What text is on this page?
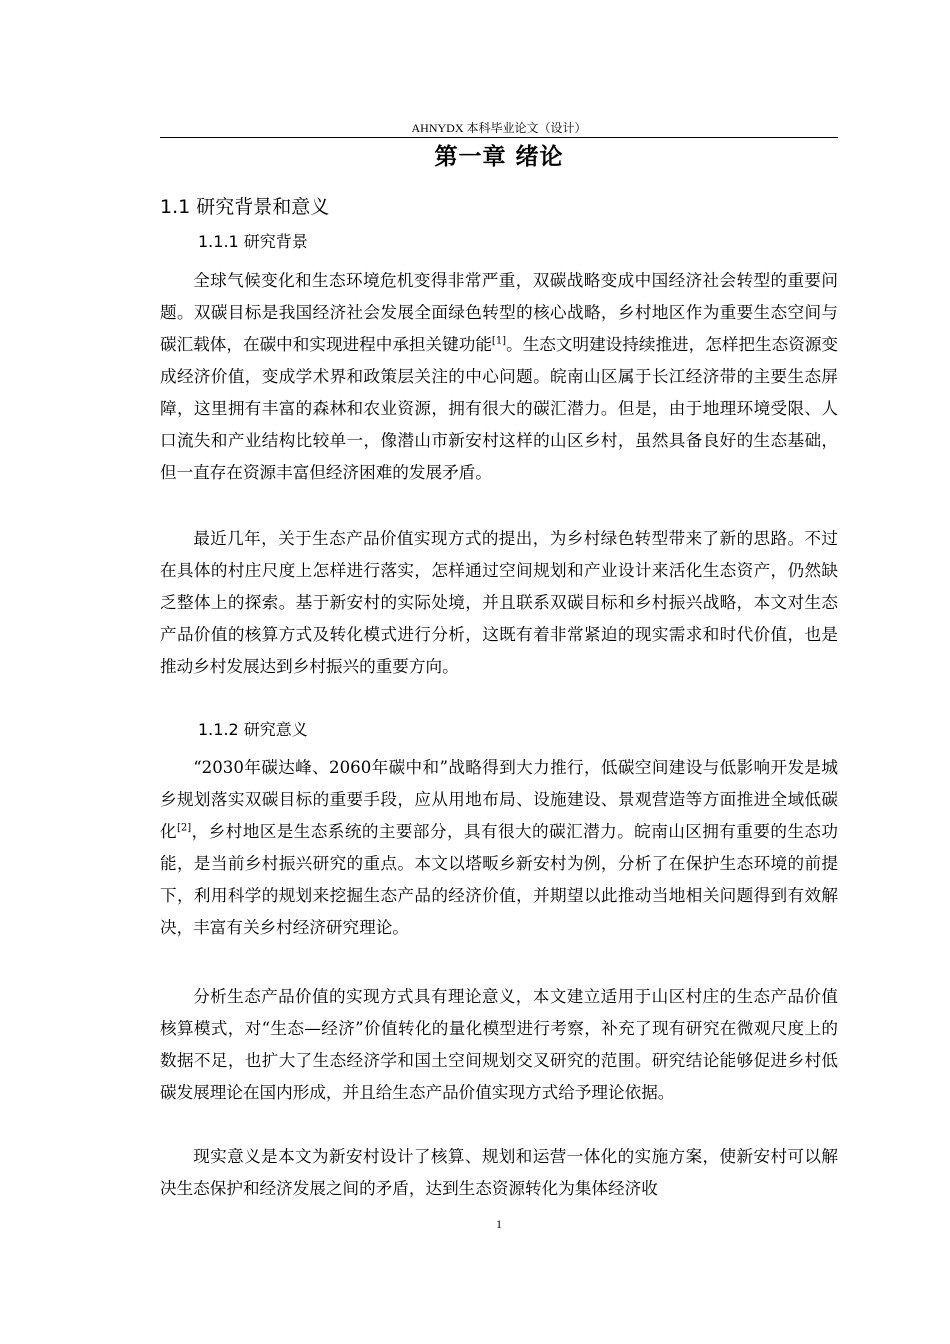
AHNYDX 本科毕业论文（设计）
第一章 绪论
1.1 研究背景和意义
1.1.1 研究背景

全球气候变化和生态环境危机变得非常严重，双碳战略变成中国经济社会转型的重要问题。双碳目标是我国经济社会发展全面绿色转型的核心战略，乡村地区作为重要生态空间与碳汇载体，在碳中和实现进程中承担关键功能[1]。生态文明建设持续推进，怎样把生态资源变成经济价值，变成学术界和政策层关注的中心问题。皖南山区属于长江经济带的主要生态屏障，这里拥有丰富的森林和农业资源，拥有很大的碳汇潜力。但是，由于地理环境受限、人口流失和产业结构比较单一，像潜山市新安村这样的山区乡村，虽然具备良好的生态基础，但一直存在资源丰富但经济困难的发展矛盾。

最近几年，关于生态产品价值实现方式的提出，为乡村绿色转型带来了新的思路。不过在具体的村庄尺度上怎样进行落实，怎样通过空间规划和产业设计来活化生态资产，仍然缺乏整体上的探索。基于新安村的实际处境，并且联系双碳目标和乡村振兴战略，本文对生态产品价值的核算方式及转化模式进行分析，这既有着非常紧迫的现实需求和时代价值，也是推动乡村发展达到乡村振兴的重要方向。

1.1.2 研究意义

“2030年碳达峰、2060年碳中和”战略得到大力推行，低碳空间建设与低影响开发是城乡规划落实双碳目标的重要手段，应从用地布局、设施建设、景观营造等方面推进全域低碳化[2]，乡村地区是生态系统的主要部分，具有很大的碳汇潜力。皖南山区拥有重要的生态功能，是当前乡村振兴研究的重点。本文以塔畈乡新安村为例，分析了在保护生态环境的前提下，利用科学的规划来挖掘生态产品的经济价值，并期望以此推动当地相关问题得到有效解决，丰富有关乡村经济研究理论。

分析生态产品价值的实现方式具有理论意义，本文建立适用于山区村庄的生态产品价值核算模式，对“生态—经济”价值转化的量化模型进行考察，补充了现有研究在微观尺度上的数据不足，也扩大了生态经济学和国土空间规划交叉研究的范围。研究结论能够促进乡村低碳发展理论在国内形成，并且给生态产品价值实现方式给予理论依据。

现实意义是本文为新安村设计了核算、规划和运营一体化的实施方案，使新安村可以解决生态保护和经济发展之间的矛盾，达到生态资源转化为集体经济收

1
